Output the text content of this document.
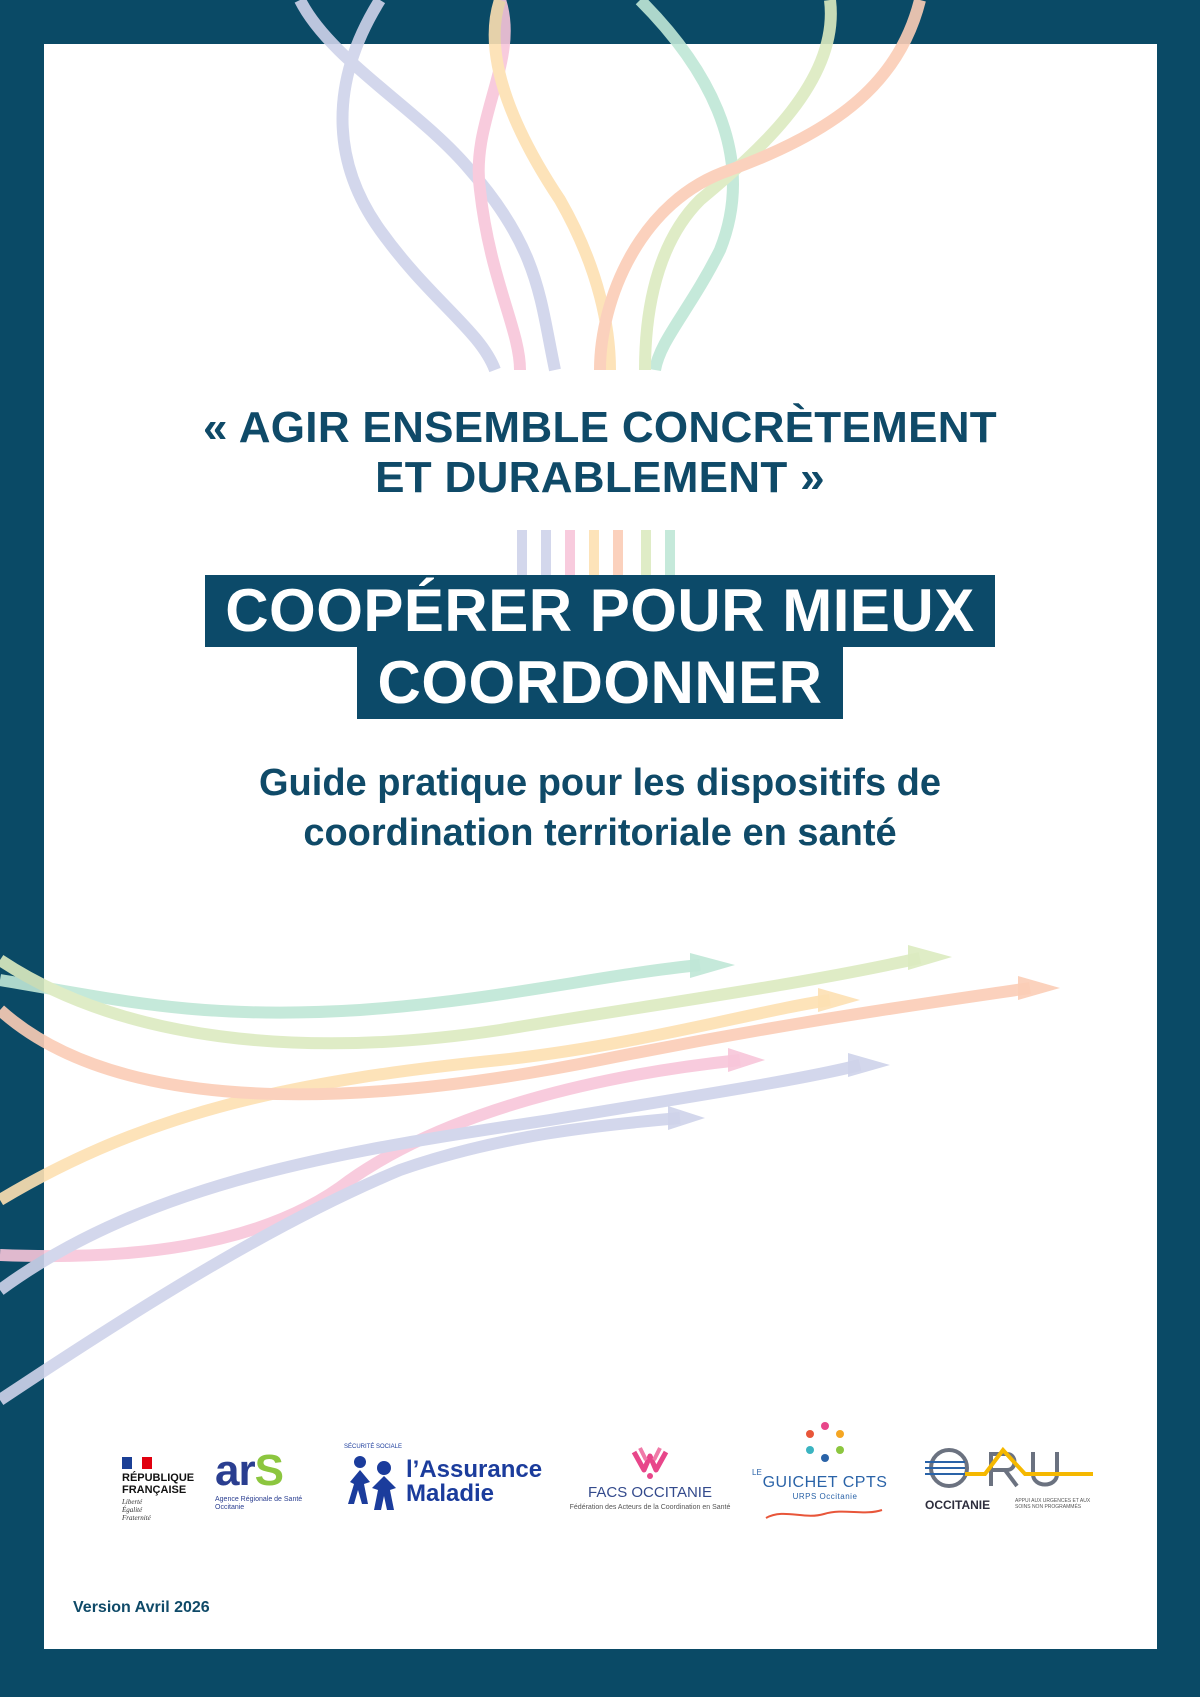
« AGIR ENSEMBLE CONCRÈTEMENT
ET DURABLEMENT »
COOPÉRER POUR MIEUX
COORDONNER
Guide pratique pour les dispositifs de
coordination territoriale en santé
RÉPUBLIQUE
FRANÇAISE
Liberté
Égalité
Fraternité
arS
Agence Régionale de Santé
Occitanie
SÉCURITÉ SOCIALE
l’Assurance
Maladie	FACS OCCITANIE
Fédération des Acteurs de la Coordination en Santé
LE
GUICHET CPTS
URPS Occitanie
OCCITANIE	APPUI AUX URGENCES ET AUX SOINS NON PROGRAMMÉS
Version Avril 2026
